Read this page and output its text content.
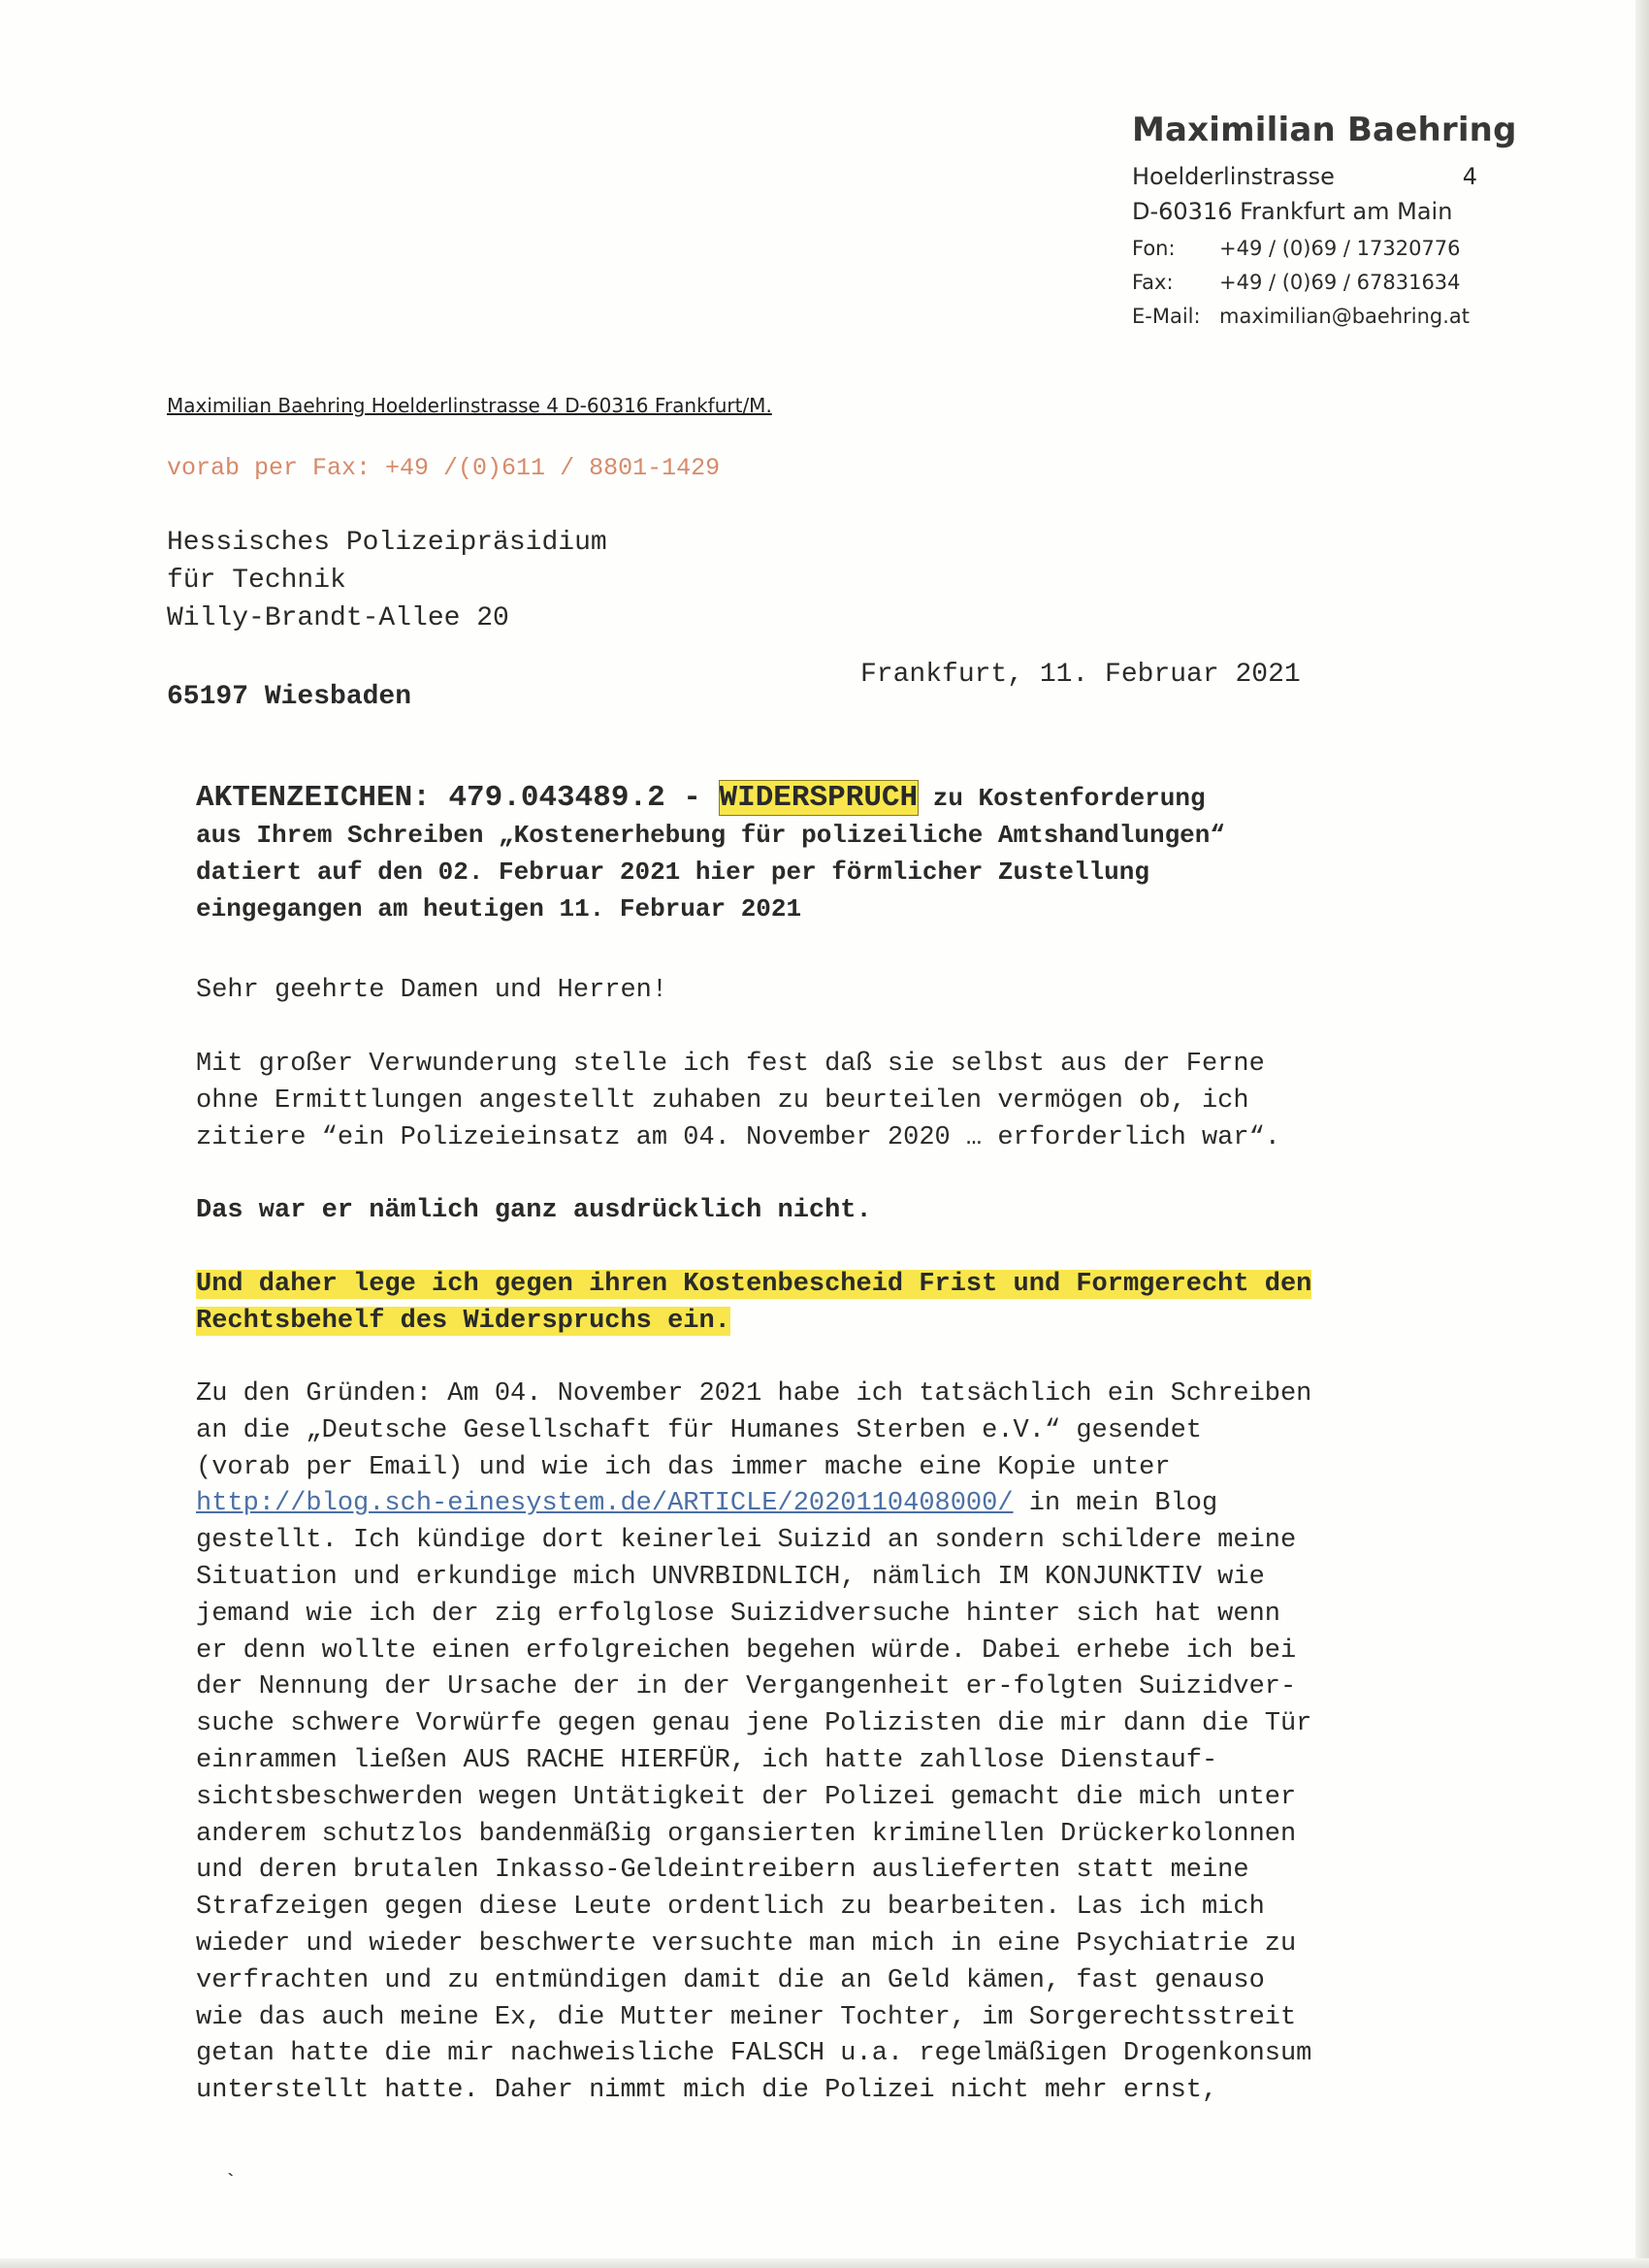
Maximilian Baehring
Hoelderlinstrasse	4
D-60316 Frankfurt am Main
Fon: +49 / (0)69 / 17320776
Fax: +49 / (0)69 / 67831634
E-Mail: maximilian@baehring.at
Maximilian Baehring Hoelderlinstrasse 4 D-60316 Frankfurt/M.
vorab per Fax: +49 /(0)611 / 8801-1429
Hessisches Polizeipräsidium
für Technik
Willy-Brandt-Allee 20
65197 Wiesbaden
Frankfurt, 11. Februar 2021
AKTENZEICHEN: 479.043489.2 - WIDERSPRUCH zu Kostenforderung
aus Ihrem Schreiben „Kostenerhebung für polizeiliche Amtshandlungen“
datiert auf den 02. Februar 2021 hier per förmlicher Zustellung
eingegangen am heutigen 11. Februar 2021
Sehr geehrte Damen und Herren!
Mit großer Verwunderung stelle ich fest daß sie selbst aus der Ferne
ohne Ermittlungen angestellt zuhaben zu beurteilen vermögen ob, ich
zitiere “ein Polizeieinsatz am 04. November 2020 … erforderlich war“.
Das war er nämlich ganz ausdrücklich nicht.
Und daher lege ich gegen ihren Kostenbescheid Frist und Formgerecht den
Rechtsbehelf des Widerspruchs ein.
Zu den Gründen: Am 04. November 2021 habe ich tatsächlich ein Schreiben
an die „Deutsche Gesellschaft für Humanes Sterben e.V.“ gesendet
(vorab per Email) und wie ich das immer mache eine Kopie unter
http://blog.sch-einesystem.de/ARTICLE/2020110408000/ in mein Blog
gestellt. Ich kündige dort keinerlei Suizid an sondern schildere meine
Situation und erkundige mich UNVRBIDNLICH, nämlich IM KONJUNKTIV wie
jemand wie ich der zig erfolglose Suizidversuche hinter sich hat wenn
er denn wollte einen erfolgreichen begehen würde. Dabei erhebe ich bei
der Nennung der Ursache der in der Vergangenheit er-folgten Suizidver-
suche schwere Vorwürfe gegen genau jene Polizisten die mir dann die Tür
einrammen ließen AUS RACHE HIERFÜR, ich hatte zahllose Dienstauf-
sichtsbeschwerden wegen Untätigkeit der Polizei gemacht die mich unter
anderem schutzlos bandenmäßig organsierten kriminellen Drückerkolonnen
und deren brutalen Inkasso-Geldeintreibern auslieferten statt meine
Strafzeigen gegen diese Leute ordentlich zu bearbeiten. Las ich mich
wieder und wieder beschwerte versuchte man mich in eine Psychiatrie zu
verfrachten und zu entmündigen damit die an Geld kämen, fast genauso
wie das auch meine Ex, die Mutter meiner Tochter, im Sorgerechtsstreit
getan hatte die mir nachweisliche FALSCH u.a. regelmäßigen Drogenkonsum
unterstellt hatte. Daher nimmt mich die Polizei nicht mehr ernst,
`
